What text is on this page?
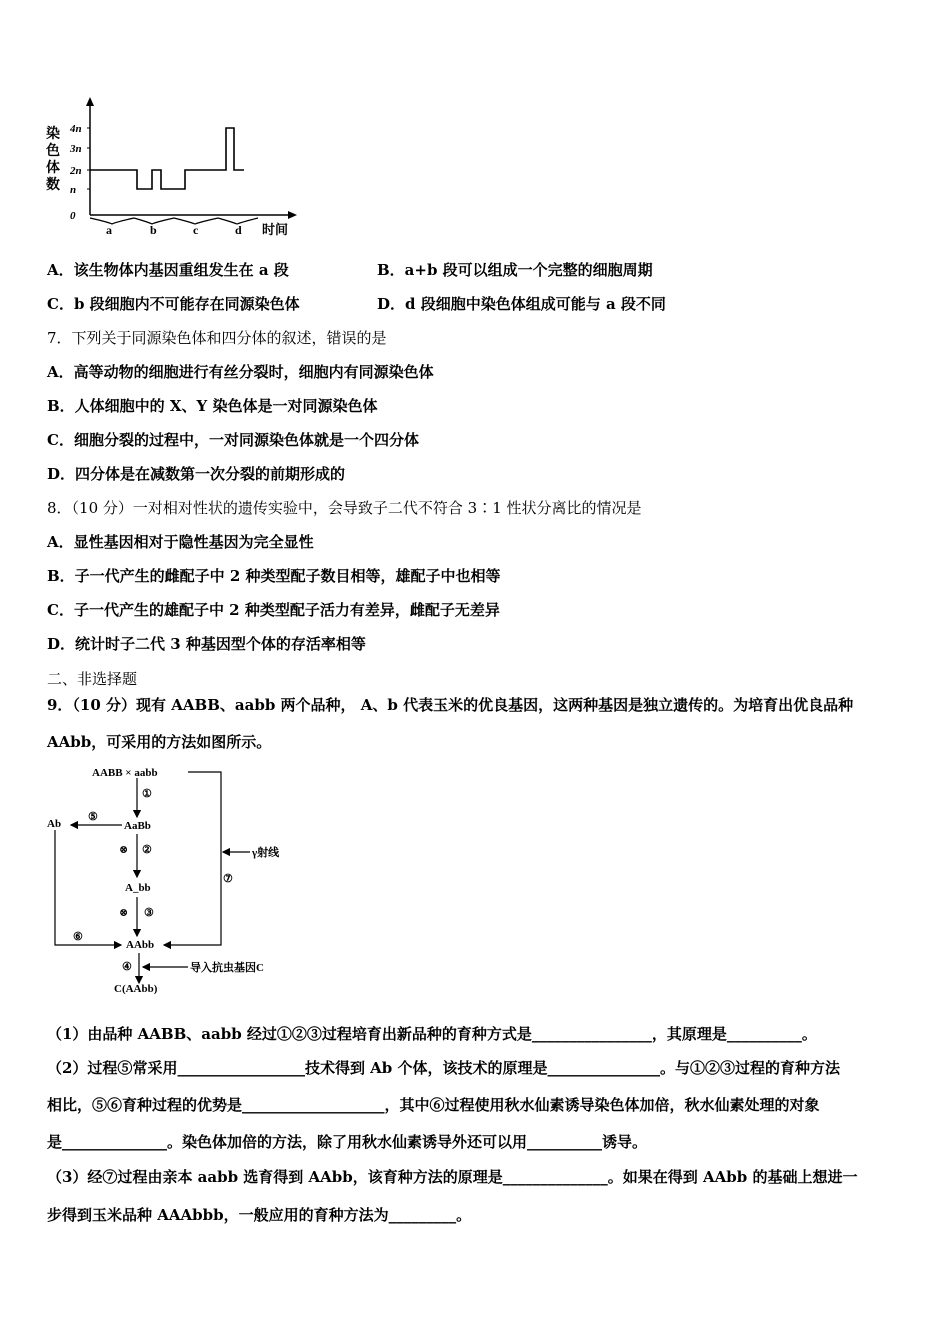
染色体数
0
n
2n
3n
4n
a	b	c	d 时间
A．该生物体内基因重组发生在 a 段	B．a+b 段可以组成一个完整的细胞周期
C．b 段细胞内不可能存在同源染色体	D．d 段细胞中染色体组成可能与 a 段不同
7．下列关于同源染色体和四分体的叙述，错误的是
A．高等动物的细胞进行有丝分裂时，细胞内有同源染色体
B．人体细胞中的 X、Y 染色体是一对同源染色体
C．细胞分裂的过程中，一对同源染色体就是一个四分体
D．四分体是在减数第一次分裂的前期形成的
8．（10 分）一对相对性状的遗传实验中，会导致子二代不符合 3∶1 性状分离比的情况是
A．显性基因相对于隐性基因为完全显性
B．子一代产生的雌配子中 2 种类型配子数目相等，雄配子中也相等
C．子一代产生的雄配子中 2 种类型配子活力有差异，雌配子无差异
D．统计时子二代 3 种基因型个体的存活率相等
二、非选择题
9．（10 分）现有 AABB、aabb 两个品种， A、b 代表玉米的优良基因，这两种基因是独立遗传的。为培育出优良品种
AAbb，可采用的方法如图所示。
AABB × aabb
①
AaBb
⑤
Ab
⊗ ②
A_bb
⊗ ③
⑥
AAbb
④	导入抗虫基因C
C(AAbb)
γ射线
⑦
（1）由品种 AABB、aabb 经过①②③过程培育出新品种的育种方式是________________，其原理是__________。
（2）过程⑤常采用_________________技术得到 Ab 个体，该技术的原理是_______________。与①②③过程的育种方法
相比，⑤⑥育种过程的优势是___________________，其中⑥过程使用秋水仙素诱导染色体加倍，秋水仙素处理的对象
是______________。染色体加倍的方法，除了用秋水仙素诱导外还可以用__________诱导。
（3）经⑦过程由亲本 aabb 选育得到 AAbb，该育种方法的原理是______________。如果在得到 AAbb 的基础上想进一
步得到玉米品种 AAAbbb，一般应用的育种方法为_________。
